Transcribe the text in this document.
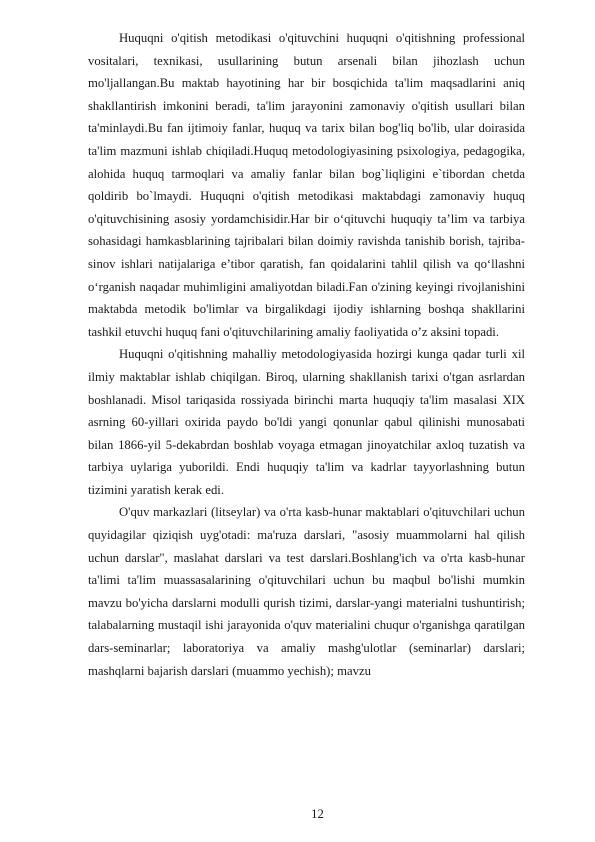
Huquqni o'qitish metodikasi o'qituvchini huquqni o'qitishning professional vositalari, texnikasi, usullarining butun arsenali bilan jihozlash uchun mo'ljallangan.Bu maktab hayotining har bir bosqichida ta'lim maqsadlarini aniq shakllantirish imkonini beradi, ta'lim jarayonini zamonaviy o'qitish usullari bilan ta'minlaydi.Bu fan ijtimoiy fanlar, huquq va tarix bilan bog'liq bo'lib, ular doirasida ta'lim mazmuni ishlab chiqiladi.Huquq metodologiyasining psixologiya, pedagogika, alohida huquq tarmoqlari va amaliy fanlar bilan bog`liqligini e`tibordan chetda qoldirib bo`lmaydi. Huquqni o'qitish metodikasi maktabdagi zamonaviy huquq o'qituvchisining asosiy yordamchisidir.Har bir o‘qituvchi huquqiy ta’lim va tarbiya sohasidagi hamkasblarining tajribalari bilan doimiy ravishda tanishib borish, tajriba-sinov ishlari natijalariga e’tibor qaratish, fan qoidalarini tahlil qilish va qo‘llashni o‘rganish naqadar muhimligini amaliyotdan biladi.Fan o'zining keyingi rivojlanishini maktabda metodik bo'limlar va birgalikdagi ijodiy ishlarning boshqa shakllarini tashkil etuvchi huquq fani o'qituvchilarining amaliy faoliyatida o’z aksini topadi.

Huquqni o'qitishning mahalliy metodologiyasida hozirgi kunga qadar turli xil ilmiy maktablar ishlab chiqilgan. Biroq, ularning shakllanish tarixi o'tgan asrlardan boshlanadi. Misol tariqasida rossiyada birinchi marta huquqiy ta'lim masalasi XIX asrning 60-yillari oxirida paydo bo'ldi yangi qonunlar qabul qilinishi munosabati bilan 1866-yil 5-dekabrdan boshlab voyaga etmagan jinoyatchilar axloq tuzatish va tarbiya uylariga yuborildi. Endi huquqiy ta'lim va kadrlar tayyorlashning butun tizimini yaratish kerak edi.

O'quv markazlari (litseylar) va o'rta kasb-hunar maktablari o'qituvchilari uchun quyidagilar qiziqish uyg'otadi: ma'ruza darslari, "asosiy muammolarni hal qilish uchun darslar", maslahat darslari va test darslari.Boshlang'ich va o'rta kasb-hunar ta'limi ta'lim muassasalarining o'qituvchilari uchun bu maqbul bo'lishi mumkin mavzu bo'yicha darslarni modulli qurish tizimi, darslar-yangi materialni tushuntirish; talabalarning mustaqil ishi jarayonida o'quv materialini chuqur o'rganishga qaratilgan dars-seminarlar; laboratoriya va amaliy mashg'ulotlar (seminarlar) darslari; mashqlarni bajarish darslari (muammo yechish); mavzu

12
